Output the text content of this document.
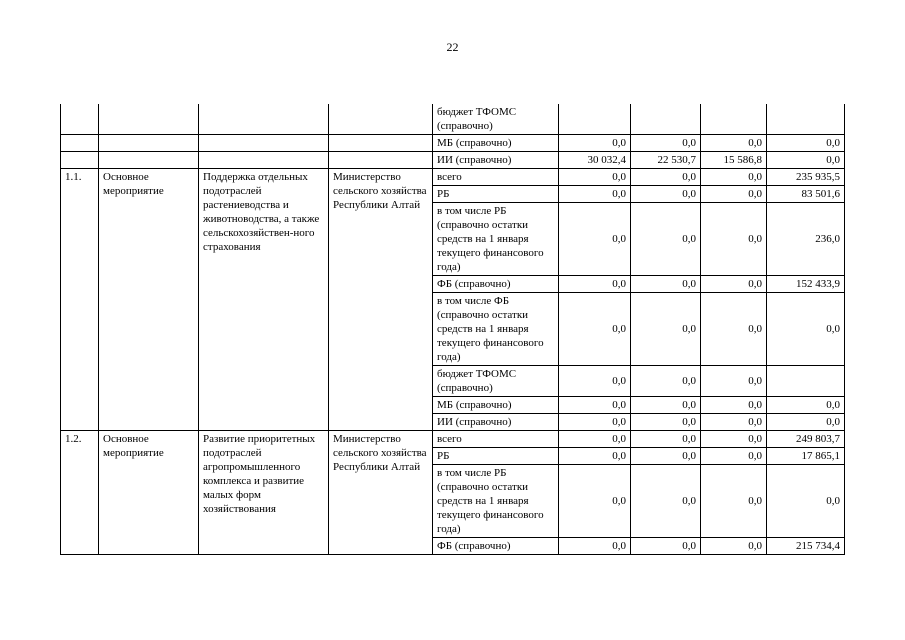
22
				бюджет ТФОМС (справочно)				
				МБ (справочно)	0,0	0,0	0,0	0,0
				ИИ (справочно)	30 032,4	22 530,7	15 586,8	0,0
1.1.	Основное мероприятие	Поддержка отдельных подотраслей растениеводства и животноводства, а также сельскохозяйствен-ного страхования	Министерство сельского хозяйства Республики Алтай	всего	0,0	0,0	0,0	235 935,5
				РБ	0,0	0,0	0,0	83 501,6
				в том числе РБ (справочно остатки средств на 1 января текущего финансового года)	0,0	0,0	0,0	236,0
				ФБ (справочно)	0,0	0,0	0,0	152 433,9
				в том числе ФБ (справочно остатки средств на 1 января текущего финансового года)	0,0	0,0	0,0	0,0
				бюджет ТФОМС (справочно)	0,0	0,0	0,0	
				МБ (справочно)	0,0	0,0	0,0	0,0
				ИИ (справочно)	0,0	0,0	0,0	0,0
1.2.	Основное мероприятие	Развитие приоритетных подотраслей агропромышленного комплекса и развитие малых форм хозяйствования	Министерство сельского хозяйства Республики Алтай	всего	0,0	0,0	0,0	249 803,7
				РБ	0,0	0,0	0,0	17 865,1
				в том числе РБ (справочно остатки средств на 1 января текущего финансового года)	0,0	0,0	0,0	0,0
				ФБ (справочно)	0,0	0,0	0,0	215 734,4
